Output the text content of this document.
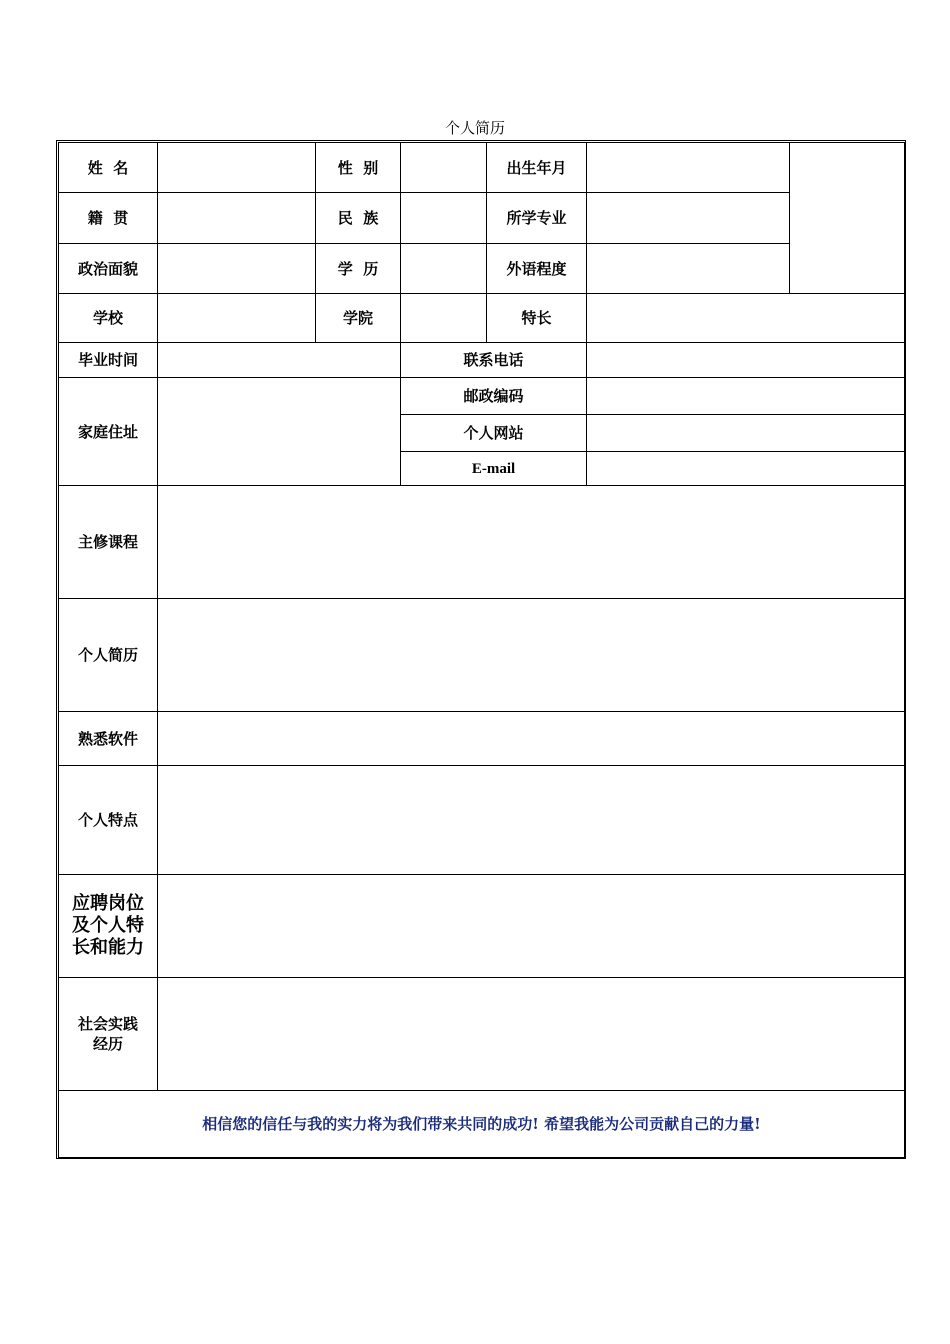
个人简历
姓  名		性  别		出生年月		
籍  贯		民  族		所学专业		
政治面貌		学  历		外语程度		
学校		学院		特长		
毕业时间			联系电话			
家庭住址			邮政编码			
			个人网站			
			E-mail			
主修课程						
个人简历						
熟悉软件						
个人特点						
应聘岗位及个人特长和能力						
社会实践经历						
相信您的信任与我的实力将为我们带来共同的成功! 希望我能为公司贡献自己的力量!						
